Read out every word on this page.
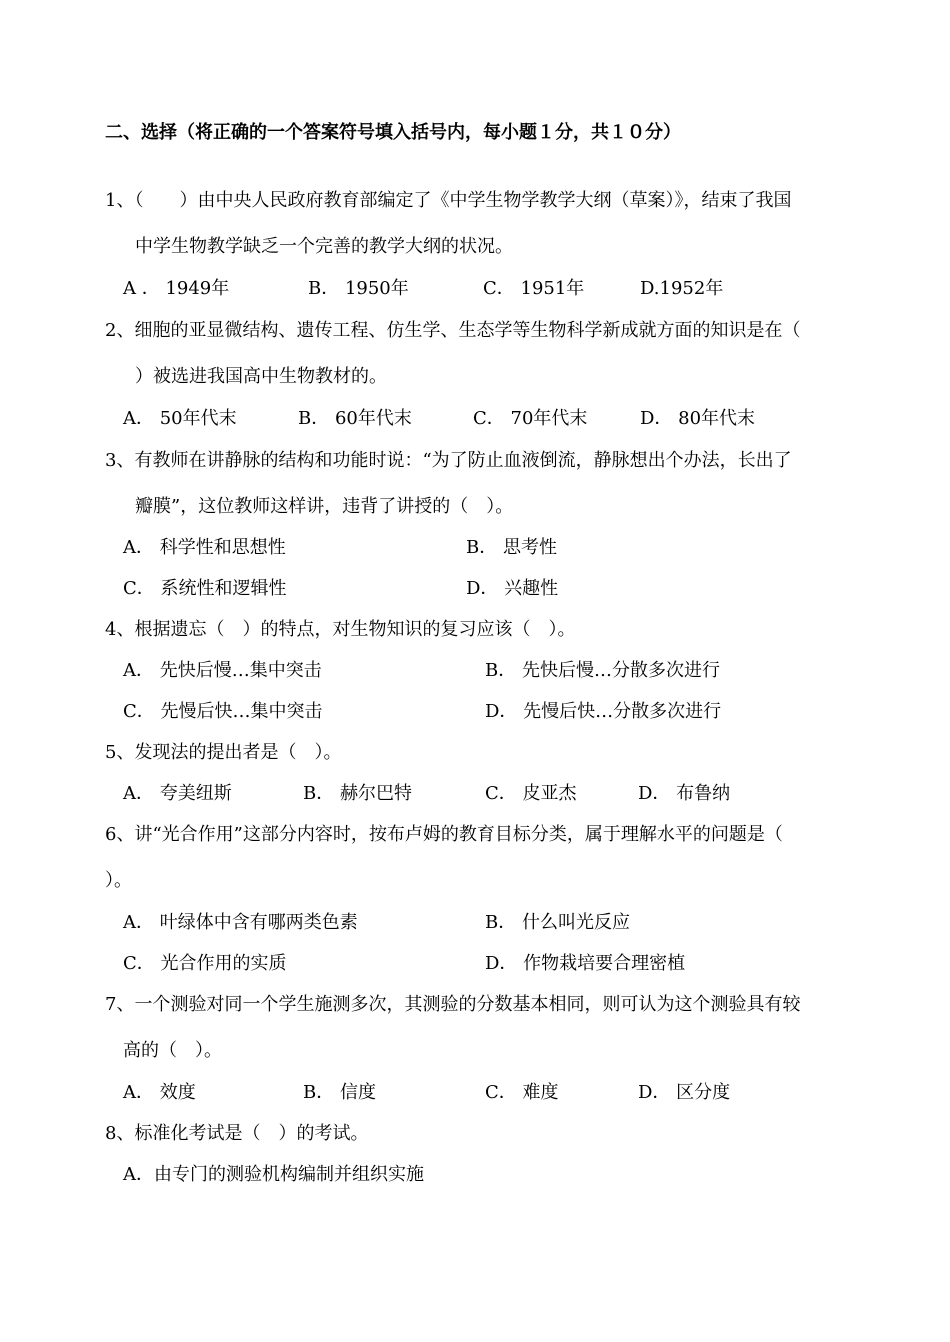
二、选择（将正确的一个答案符号填入括号内，每小题１分，共１０分）
1、（　　）由中央人民政府教育部编定了《中学生物学教学大纲（草案）》，结束了我国
中学生物教学缺乏一个完善的教学大纲的状况。
A ． 1949年	B． 1950年	C． 1951年	D.1952年
2、细胞的亚显微结构、遗传工程、仿生学、生态学等生物科学新成就方面的知识是在（
）被选进我国高中生物教材的。
A． 50年代末	B． 60年代末	C． 70年代末	D． 80年代末
3、有教师在讲静脉的结构和功能时说：“为了防止血液倒流，静脉想出个办法，长出了
瓣膜”，这位教师这样讲，违背了讲授的（　）。
A． 科学性和思想性	B． 思考性
C． 系统性和逻辑性	D． 兴趣性
4、根据遗忘（　）的特点，对生物知识的复习应该（　）。
A． 先快后慢…集中突击	B． 先快后慢…分散多次进行
C． 先慢后快…集中突击	D． 先慢后快…分散多次进行
5、发现法的提出者是（　）。
A． 夸美纽斯	B． 赫尔巴特	C． 皮亚杰	D． 布鲁纳
6、讲“光合作用”这部分内容时，按布卢姆的教育目标分类，属于理解水平的问题是（
）。
A． 叶绿体中含有哪两类色素	B． 什么叫光反应
C． 光合作用的实质	D． 作物栽培要合理密植
7、一个测验对同一个学生施测多次，其测验的分数基本相同，则可认为这个测验具有较
高的（　）。
A． 效度	B． 信度	C． 难度	D． 区分度
8、标准化考试是（　）的考试。
A．由专门的测验机构编制并组织实施
